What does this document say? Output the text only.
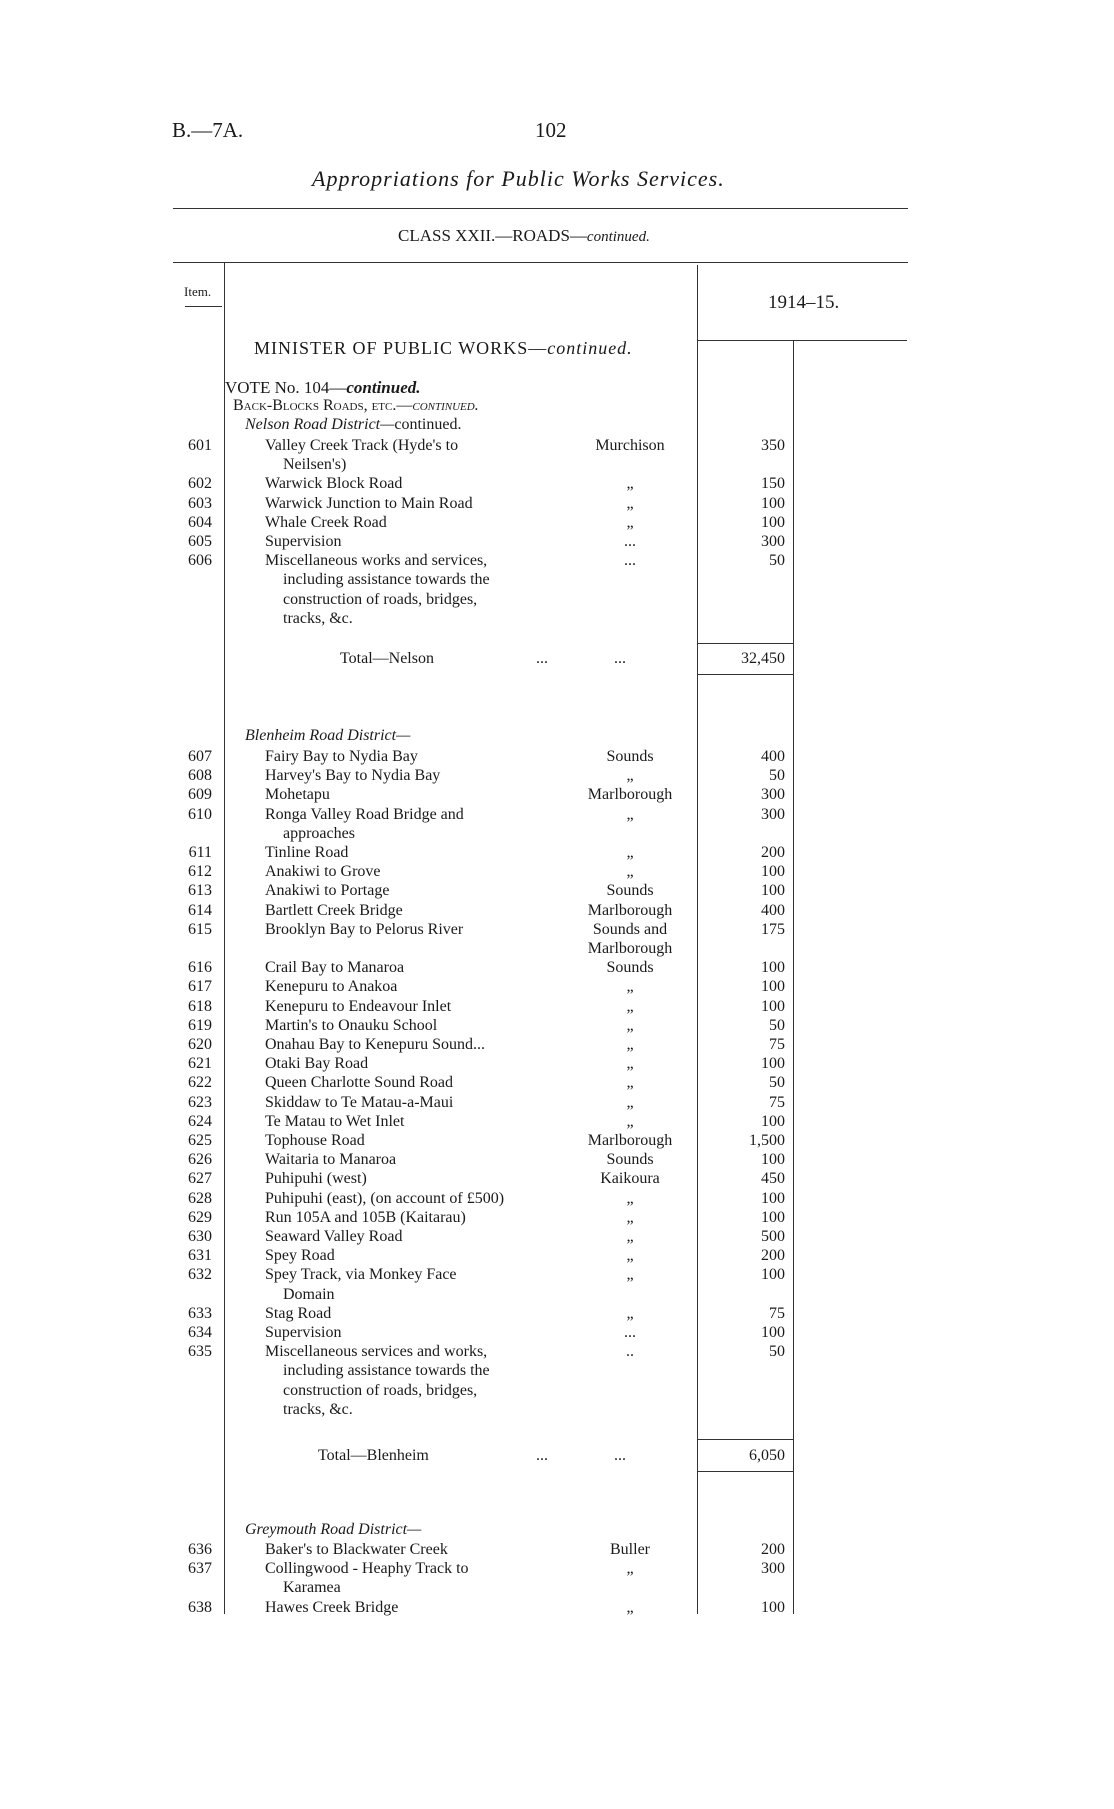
B.—7A.	102
Appropriations for Public Works Services.
CLASS XXII.—ROADS—continued.
Item.
1914–15.
MINISTER OF PUBLIC WORKS—continued.
VOTE No. 104—continued.
Back-Blocks Roads, etc.—continued.
Nelson Road District—continued.
601	Valley Creek Track (Hyde's to	Murchison	350
Neilsen's)
602	Warwick Block Road	„	150
603	Warwick Junction to Main Road	„	100
604	Whale Creek Road	„	100
605	Supervision	...	300
606	Miscellaneous works and services,	...	50
including assistance towards the
construction of roads, bridges,
tracks, &c.
Total—Nelson	...	...	32,450
Blenheim Road District—
607	Fairy Bay to Nydia Bay	Sounds	400
608	Harvey's Bay to Nydia Bay	„	50
609	Mohetapu	Marlborough	300
610	Ronga Valley Road Bridge and	„	300
approaches
611	Tinline Road	„	200
612	Anakiwi to Grove	„	100
613	Anakiwi to Portage	Sounds	100
614	Bartlett Creek Bridge	Marlborough	400
615	Brooklyn Bay to Pelorus River	Sounds and	175
Marlborough
616	Crail Bay to Manaroa	Sounds	100
617	Kenepuru to Anakoa	„	100
618	Kenepuru to Endeavour Inlet	„	100
619	Martin's to Onauku School	„	50
620	Onahau Bay to Kenepuru Sound...	„	75
621	Otaki Bay Road	„	100
622	Queen Charlotte Sound Road	„	50
623	Skiddaw to Te Matau-a-Maui	„	75
624	Te Matau to Wet Inlet	„	100
625	Tophouse Road	Marlborough	1,500
626	Waitaria to Manaroa	Sounds	100
627	Puhipuhi (west)	Kaikoura	450
628	Puhipuhi (east), (on account of £500)	„	100
629	Run 105A and 105B (Kaitarau)	„	100
630	Seaward Valley Road	„	500
631	Spey Road	„	200
632	Spey Track, via Monkey Face	„	100
Domain
633	Stag Road	„	75
634	Supervision	...	100
635	Miscellaneous services and works,	..	50
including assistance towards the
construction of roads, bridges,
tracks, &c.
Total—Blenheim	...	...	6,050
Greymouth Road District—
636	Baker's to Blackwater Creek	Buller	200
637	Collingwood - Heaphy Track to	„	300
Karamea
638	Hawes Creek Bridge	„	100
